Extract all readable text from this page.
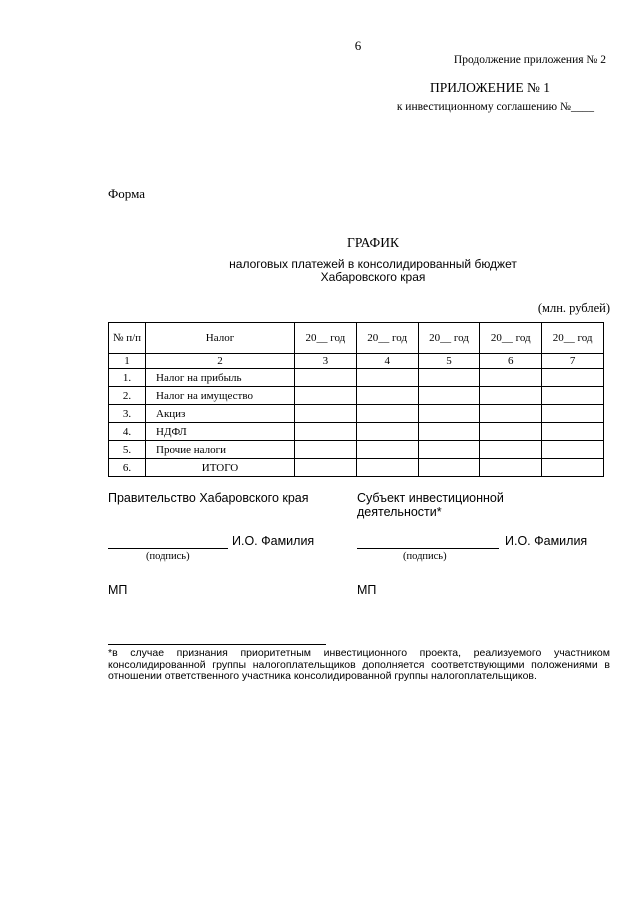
6
Продолжение приложения № 2
ПРИЛОЖЕНИЕ № 1
к инвестиционному соглашению №____
Форма
ГРАФИК
налоговых платежей в консолидированный бюджет
Хабаровского края
(млн. рублей)
№ п/п	Налог	20__ год	20__ год	20__ год	20__ год	20__ год
1	2	3	4	5	6	7
1.	Налог на прибыль					
2.	Налог на имущество					
3.	Акциз					
4.	НДФЛ					
5.	Прочие налоги					
6.	ИТОГО					
Правительство Хабаровского края	Субъект инвестиционной
деятельности*
И.О. Фамилия	И.О. Фамилия
(подпись)	(подпись)
МП	МП
*в случае признания приоритетным инвестиционного проекта, реализуемого участником консолидированной группы налогоплательщиков дополняется соответствующими положениями в отношении ответственного участника консолидированной группы налогоплательщиков.
